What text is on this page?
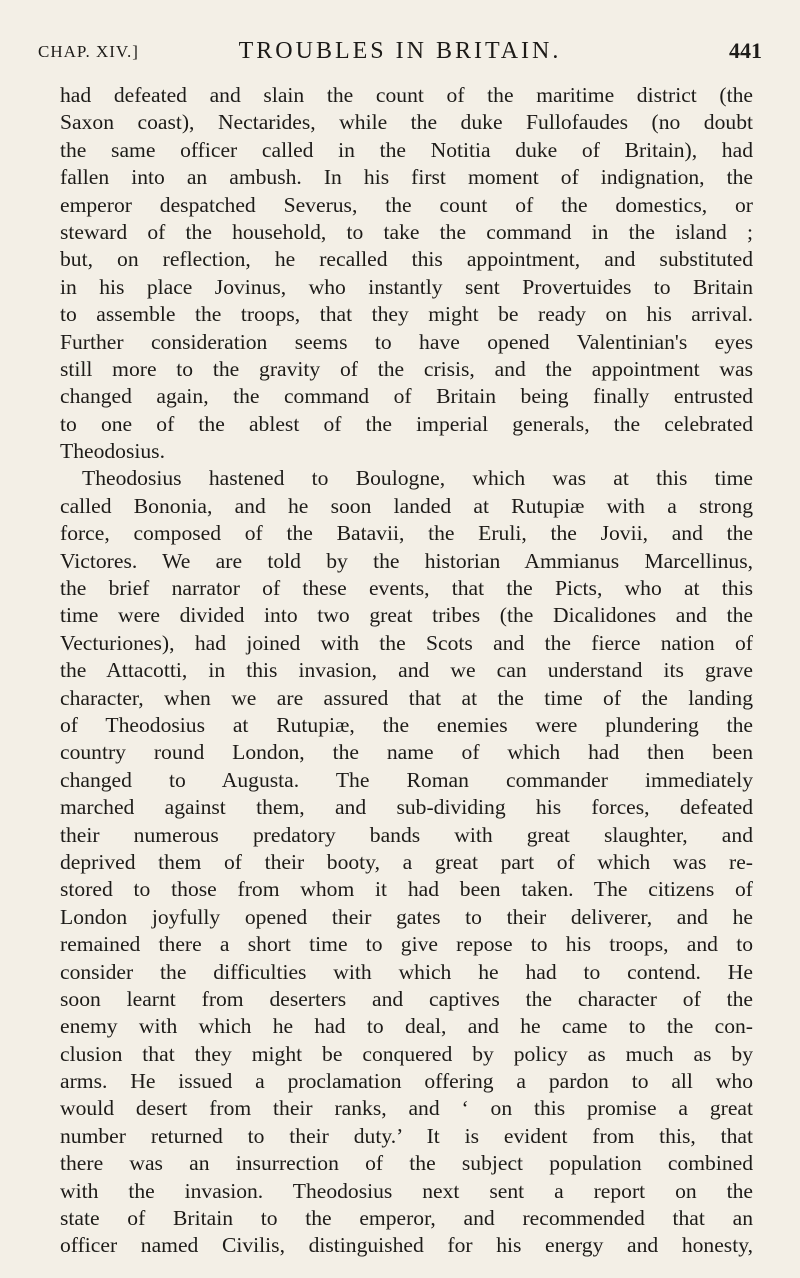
CHAP. XIV.]	TROUBLES IN BRITAIN.	441
had defeated and slain the count of the maritime district (the
Saxon coast), Nectarides, while the duke Fullofaudes (no doubt
the same officer called in the Notitia duke of Britain), had
fallen into an ambush. In his first moment of indignation, the
emperor despatched Severus, the count of the domestics, or
steward of the household, to take the command in the island ;
but, on reflection, he recalled this appointment, and substituted
in his place Jovinus, who instantly sent Provertuides to Britain
to assemble the troops, that they might be ready on his arrival.
Further consideration seems to have opened Valentinian's eyes
still more to the gravity of the crisis, and the appointment was
changed again, the command of Britain being finally entrusted
to one of the ablest of the imperial generals, the celebrated
Theodosius.
Theodosius hastened to Boulogne, which was at this time
called Bononia, and he soon landed at Rutupiæ with a strong
force, composed of the Batavii, the Eruli, the Jovii, and the
Victores. We are told by the historian Ammianus Marcellinus,
the brief narrator of these events, that the Picts, who at this
time were divided into two great tribes (the Dicalidones and the
Vecturiones), had joined with the Scots and the fierce nation of
the Attacotti, in this invasion, and we can understand its grave
character, when we are assured that at the time of the landing
of Theodosius at Rutupiæ, the enemies were plundering the
country round London, the name of which had then been
changed to Augusta. The Roman commander immediately
marched against them, and sub-dividing his forces, defeated
their numerous predatory bands with great slaughter, and
deprived them of their booty, a great part of which was re-
stored to those from whom it had been taken. The citizens of
London joyfully opened their gates to their deliverer, and he
remained there a short time to give repose to his troops, and to
consider the difficulties with which he had to contend. He
soon learnt from deserters and captives the character of the
enemy with which he had to deal, and he came to the con-
clusion that they might be conquered by policy as much as by
arms. He issued a proclamation offering a pardon to all who
would desert from their ranks, and ‘ on this promise a great
number returned to their duty.’ It is evident from this, that
there was an insurrection of the subject population combined
with the invasion. Theodosius next sent a report on the
state of Britain to the emperor, and recommended that an
officer named Civilis, distinguished for his energy and honesty,
